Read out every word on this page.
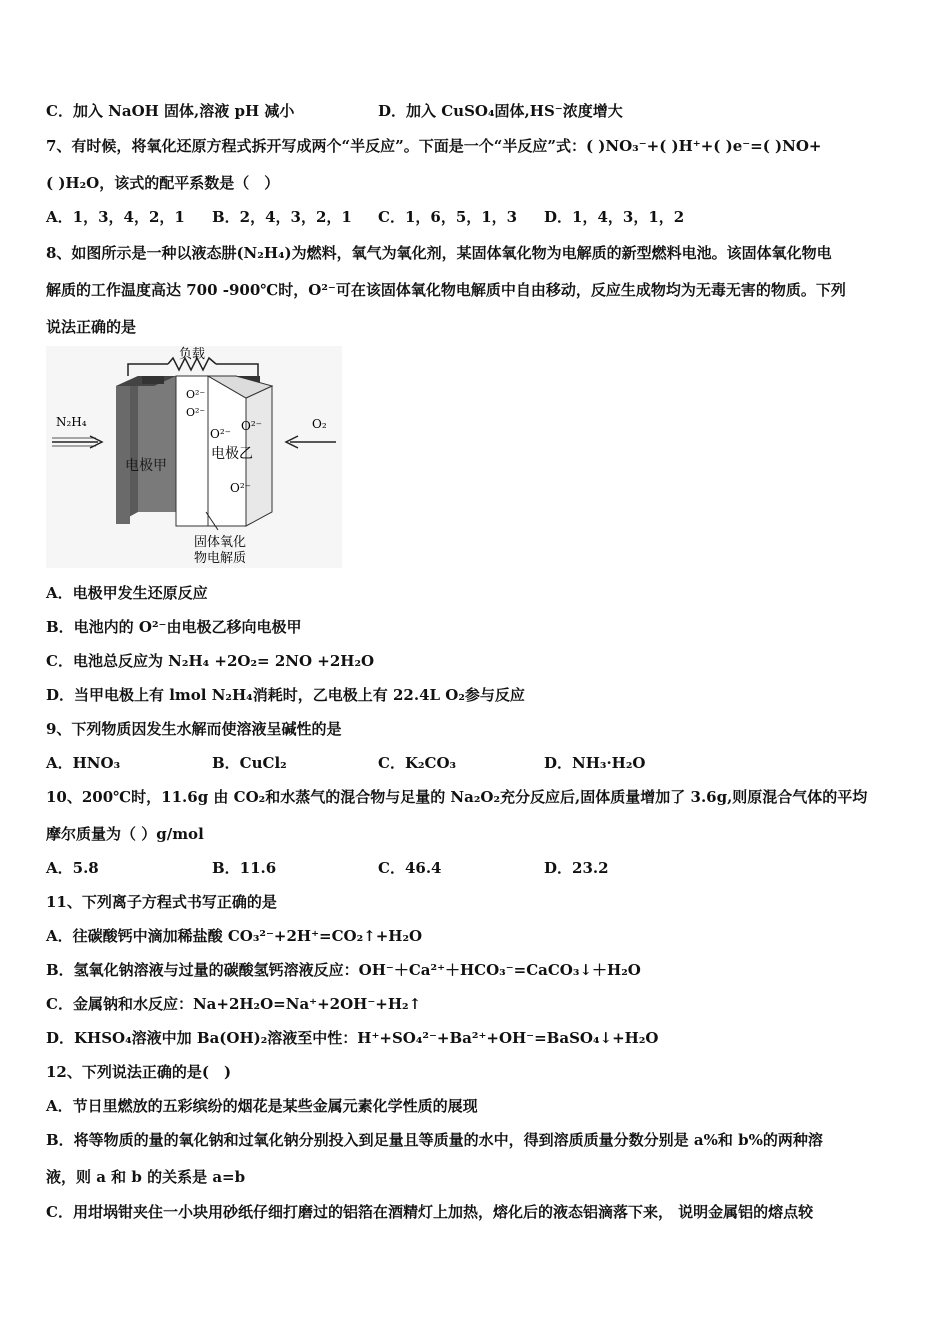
C．加入 NaOH 固体,溶液 pH 减小	D．加入 CuSO₄固体,HS⁻浓度增大
7、有时候，将氧化还原方程式拆开写成两个“半反应”。下面是一个“半反应”式：( )NO₃⁻+( )H⁺+( )e⁻=( )NO+
( )H₂O，该式的配平系数是（　）
A．1，3，4，2，1 B．2，4，3，2，1 C．1，6，5，1，3 D．1，4，3，1，2
8、如图所示是一种以液态肼(N₂H₄)为燃料，氧气为氧化剂，某固体氧化物为电解质的新型燃料电池。该固体氧化物电
解质的工作温度高达 700 -900℃时，O²⁻可在该固体氧化物电解质中自由移动，反应生成物均为无毒无害的物质。下列
说法正确的是
负载
电极甲
O²⁻
O²⁻
O²⁻
O²⁻
电极乙
O²⁻
N₂H₄	O₂
固体氧化
物电解质
A．电极甲发生还原反应
B．电池内的 O²⁻由电极乙移向电极甲
C．电池总反应为 N₂H₄ +2O₂= 2NO +2H₂O
D．当甲电极上有 lmol N₂H₄消耗时，乙电极上有 22.4L O₂参与反应
9、下列物质因发生水解而使溶液呈碱性的是
A．HNO₃	B．CuCl₂	C．K₂CO₃	D．NH₃·H₂O
10、200℃时，11.6g 由 CO₂和水蒸气的混合物与足量的 Na₂O₂充分反应后,固体质量增加了 3.6g,则原混合气体的平均
摩尔质量为（ ）g/mol
A．5.8	B．11.6	C．46.4	D．23.2
11、下列离子方程式书写正确的是
A．往碳酸钙中滴加稀盐酸 CO₃²⁻+2H⁺=CO₂↑+H₂O
B．氢氧化钠溶液与过量的碳酸氢钙溶液反应：OH⁻＋Ca²⁺＋HCO₃⁻=CaCO₃↓＋H₂O
C．金属钠和水反应：Na+2H₂O=Na⁺+2OH⁻+H₂↑
D．KHSO₄溶液中加 Ba(OH)₂溶液至中性：H⁺+SO₄²⁻+Ba²⁺+OH⁻=BaSO₄↓+H₂O
12、下列说法正确的是(　)
A．节日里燃放的五彩缤纷的烟花是某些金属元素化学性质的展现
B．将等物质的量的氧化钠和过氧化钠分别投入到足量且等质量的水中，得到溶质质量分数分别是 a%和 b%的两种溶
液，则 a 和 b 的关系是 a=b
C．用坩埚钳夹住一小块用砂纸仔细打磨过的铝箔在酒精灯上加热，熔化后的液态铝滴落下来， 说明金属铝的熔点较
